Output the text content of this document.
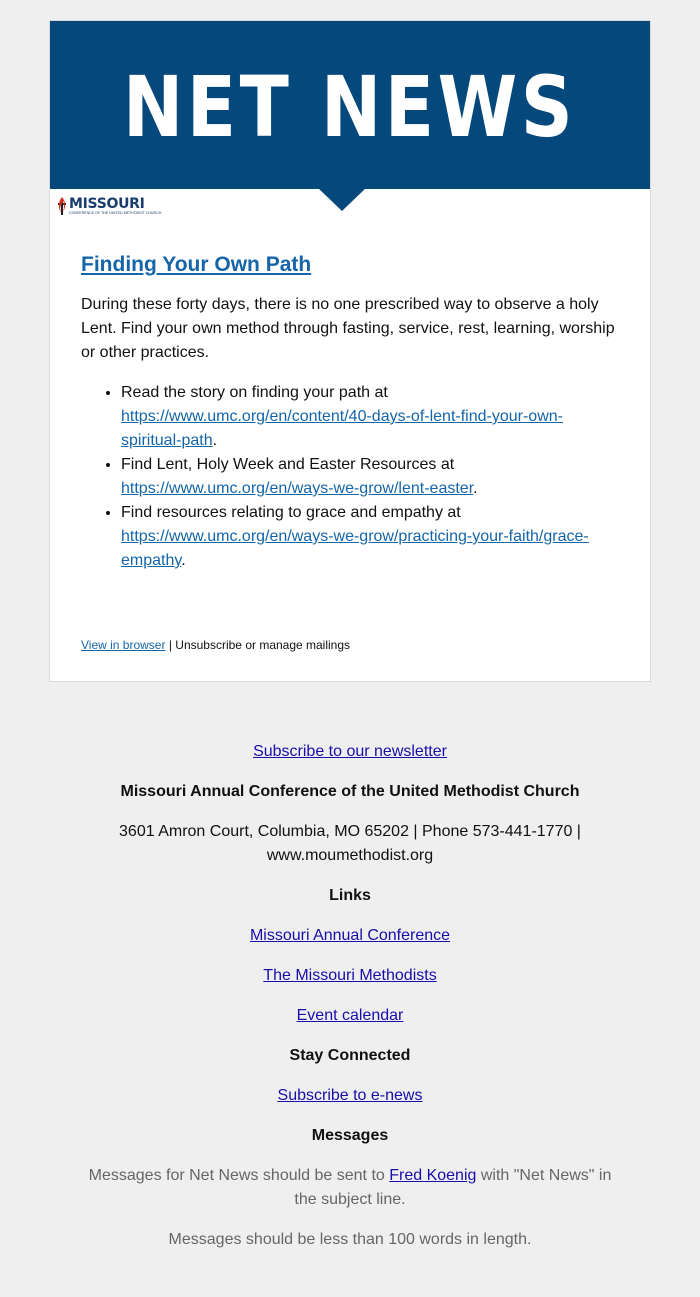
NET NEWS
MISSOURI
CONFERENCE OF THE UNITED METHODIST CHURCH
Finding Your Own Path

During these forty days, there is no one prescribed way to observe a holy Lent. Find your own method through fasting, service, rest, learning, worship or other practices.

• Read the story on finding your path at https://www.umc.org/en/content/40-days-of-lent-find-your-own-spiritual-path.
• Find Lent, Holy Week and Easter Resources at https://www.umc.org/en/ways-we-grow/lent-easter.
• Find resources relating to grace and empathy at https://www.umc.org/en/ways-we-grow/practicing-your-faith/grace-empathy.
View in browser | Unsubscribe or manage mailings

Subscribe to our newsletter

Missouri Annual Conference of the United Methodist Church

3601 Amron Court, Columbia, MO 65202 | Phone 573-441-1770 | www.moumethodist.org

Links

Missouri Annual Conference

The Missouri Methodists

Event calendar

Stay Connected

Subscribe to e-news

Messages

Messages for Net News should be sent to Fred Koenig with "Net News" in the subject line.

Messages should be less than 100 words in length.
